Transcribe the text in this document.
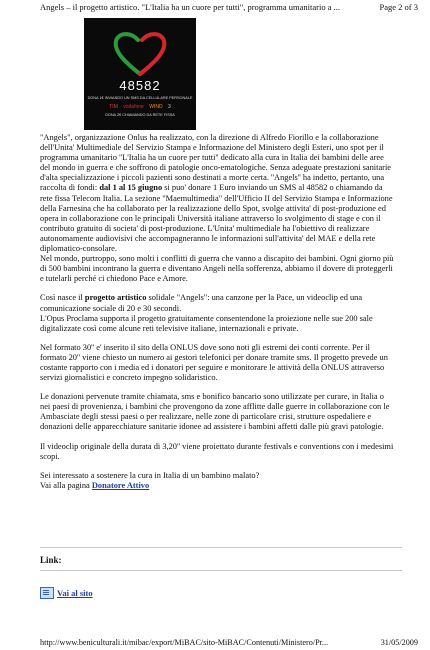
Angels – il progetto artistico. "L'Italia ha un cuore per tutti", programma umanitario a ...	Page 2 of 3
48582
DONA 1€ INVIANDO UN SMS DA CELLULARE PERSONALE
TIM vodafone WIND 3
DONA 2€ CHIAMANDO DA RETE FISSA

"Angels", organizzazione Onlus ha realizzato, con la direzione di Alfredo Fiorillo e la collaborazione dell'Unita' Multimediale del Servizio Stampa e Informazione del Ministero degli Esteri, uno spot per il programma umanitario ''L'Italia ha un cuore per tutti'' dedicato alla cura in Italia dei bambini delle aree del mondo in guerra e che soffrono di patologie onco-ematologiche. Senza adeguate prestazioni sanitarie d'alta specializzazione i piccoli pazienti sono destinati a morte certa. ''Angels'' ha indetto, pertanto, una raccolta di fondi: dal 1 al 15 giugno si puo' donare 1 Euro inviando un SMS al 48582 o chiamando da rete fissa Telecom Italia. La sezione "Maemultimedia" dell'Ufficio II del Servizio Stampa e Informazione della Farnesina che ha collaborato per la realizzazione dello Spot, svolge attivita' di post-produzione ed opera in collaborazione con le principali Università italiane attraverso lo svolgimento di stage e con il contributo gratuito di societa' di post-produzione. L'Unita' multimediale ha l'obiettivo di realizzare autonomamente audiovisivi che accompagneranno le informazioni sull'attivita' del MAE e della rete diplomatico-consolare.
Nel mondo, purtroppo, sono molti i conflitti di guerra che vanno a discapito dei bambini. Ogni giorno più di 500 bambini incontrano la guerra e diventano Angeli nella sofferenza, abbiamo il dovere di proteggerli e tutelarli perché ci chiedono Pace e Amore.

Così nasce il progetto artistico solidale "Angels": una canzone per la Pace, un videoclip ed una comunicazione sociale di 20 e 30 secondi.
L'Opus Proclama supporta il progetto gratuitamente consentendone la proiezione nelle sue 200 sale digitalizzate così come alcune reti televisive italiane, internazionali e private.

Nel formato 30'' e' inserito il sito della ONLUS dove sono noti gli estremi dei conti corrente. Per il formato 20'' viene chiesto un numero ai gestori telefonici per donare tramite sms. Il progetto prevede un costante rapporto con i media ed i donatori per seguire e monitorare le attività della ONLUS attraverso servizi giornalistici e concreto impegno solidaristico.

Le donazioni pervenute tramite chiamata, sms e bonifico bancario sono utilizzate per curare, in Italia o nei paesi di provenienza, i bambini che provengono da zone afflitte dalle guerre in collaborazione con le Ambasciate degli stessi paesi o per realizzare, nelle zone di particolare crisi, strutture ospedaliere e donazioni delle apparecchiature sanitarie idonee ad assistere i bambini affetti dalle più gravi patologie.

Il videoclip originale della durata di 3,20'' viene proiettato durante festivals e conventions con i medesimi scopi.

Sei interessato a sostenere la cura in Italia di un bambino malato?
Vai alla pagina Donatore Attivo

Link:
Vai al sito
http://www.beniculturali.it/mibac/export/MiBAC/sito-MiBAC/Contenuti/Ministero/Pr...	31/05/2009
